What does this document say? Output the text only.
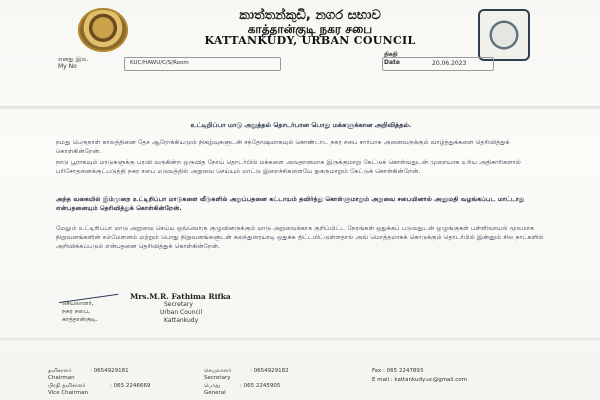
කාත්තන්කුඩි, නගර සභාව
காத்தான்குடி நகர சபை
KATTANKUDY, URBAN COUNCIL
எனது இல.
My No	KUC/HAWU/C/S/Room
திகதி
Date	20.06.2023
உட்டிறிப்பா மாடு அறுத்தல் தொடர்பான பொது மக்களுக்கான அறிவித்தல்.
நமது பெருநாள் காலத்தினை தேச ஆரோக்கியமும் நிகழ்வுகளுடன் சந்தோஷமாகவும் கொண்டாட நகர சபை சார்பாக அனைவருக்கும் வாழ்த்துக்களை தெரிவித்துக் கொள்கின்றேன்.
நாடு பூராகவும் மாடுகளுக்கு பரவி வருகின்ற ஒருவித நோய் தொடர்பில் மக்களை அவதானமாக இருக்குமாறு கேட்டுக் கொள்வதுடன் முறையாக உரிய அதிகாரிகளால் பரிசோதனைக்குட்படுத்தி நகர சபை மடுவத்தில் அறுவை செய்யும் மாட்டு இறைச்சிகளையே நுகருமாறும் கேட்டுக் கொள்கின்றேன்.
அந்த வகையில் இம்முறை உட்டிறிப்பா மாடுகளை வீடுகளில் அறுப்பதனை கட்டாயம் தவிர்த்து கொள்ளுமாறும் அறுவை சபையினால் அனுமதி வழங்கப்பட மாட்டாது என்பதனையும் தெரிவித்துக் கொள்கின்றேன்.
மேலும் உட்டிறிப்பா மாடு அறுவை செய்ய ஒவ்வொரு குழுவினருக்கும் மாடு அறுவைக்காக குறிப்பிட்ட நேரங்கள் ஒதுக்கப் படுவதுடன் ஒழுங்குகள் பள்ளிவாயல் மூலமாக நிறுவனங்களின் சம்மேளனம் மற்றும் பொது நிறுவனங்களுடன் கலந்துரையாடி ஒதுக்க திட்டமிட்டுள்ளதால் அவ் மொத்தமாகக் கொடுக்கும் தொடர்பில் இன்னும் சில நாட்களில் அறிவிக்கப்படும் என்பதனை தெரிவித்துக் கொள்கின்றேன்.
செயலாளர்,
நகர சபை,
காத்தான்குடி.
Mrs.M.R. Fathima Rifka
Secretary
Urban Council
Kattankudy
தவிசாளர்	: 0654929181
Chairman
பிரதி தவிசாளர்	: 065 2246669
Vice Chairman
செயலாளர்	: 0654929182
Secretary
பொது	: 065 2245905
General
Fax : 065 2247893
E mail : kattankudy.uc@gmail.com
